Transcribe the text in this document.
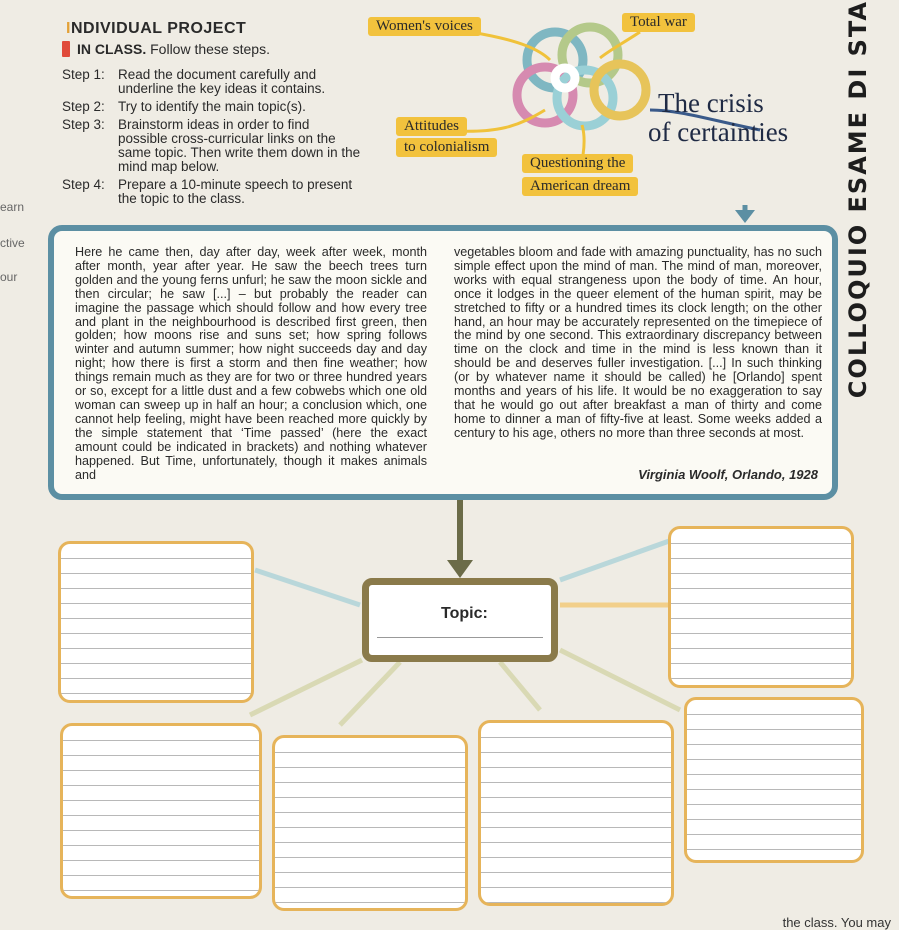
COLLOQUIO ESAME DI STA
INDIVIDUAL PROJECT
IN CLASS. Follow these steps.
Step 1: Read the document carefully and underline the key ideas it contains.
Step 2: Try to identify the main topic(s).
Step 3: Brainstorm ideas in order to find possible cross-curricular links on the same topic. Then write them down in the mind map below.
Step 4: Prepare a 10-minute speech to present the topic to the class.
Women's voices	Total war
The crisis
of certainties
Attitudes
to colonialism
Questioning the
American dream
earn
ctive
our
Here he came then, day after day, week after week, month after month, year after year. He saw the beech trees turn golden and the young ferns unfurl; he saw the moon sickle and then circular; he saw [...] – but probably the reader can imagine the passage which should follow and how every tree and plant in the neighbourhood is described first green, then golden; how moons rise and suns set; how spring follows winter and autumn summer; how night succeeds day and day night; how there is first a storm and then fine weather; how things remain much as they are for two or three hundred years or so, except for a little dust and a few cobwebs which one old woman can sweep up in half an hour; a conclusion which, one cannot help feeling, might have been reached more quickly by the simple statement that ‘Time passed’ (here the exact amount could be indicated in brackets) and nothing whatever happened. But Time, unfortunately, though it makes animals and
vegetables bloom and fade with amazing punctuality, has no such simple effect upon the mind of man. The mind of man, moreover, works with equal strangeness upon the body of time. An hour, once it lodges in the queer element of the human spirit, may be stretched to fifty or a hundred times its clock length; on the other hand, an hour may be accurately represented on the timepiece of the mind by one second. This extraordinary discrepancy between time on the clock and time in the mind is less known than it should be and deserves fuller investigation. [...] In such thinking (or by whatever name it should be called) he [Orlando] spent months and years of his life. It would be no exaggeration to say that he would go out after breakfast a man of thirty and come home to dinner a man of fifty-five at least. Some weeks added a century to his age, others no more than three seconds at most.
Virginia Woolf, Orlando, 1928
Topic:
the class. You may
